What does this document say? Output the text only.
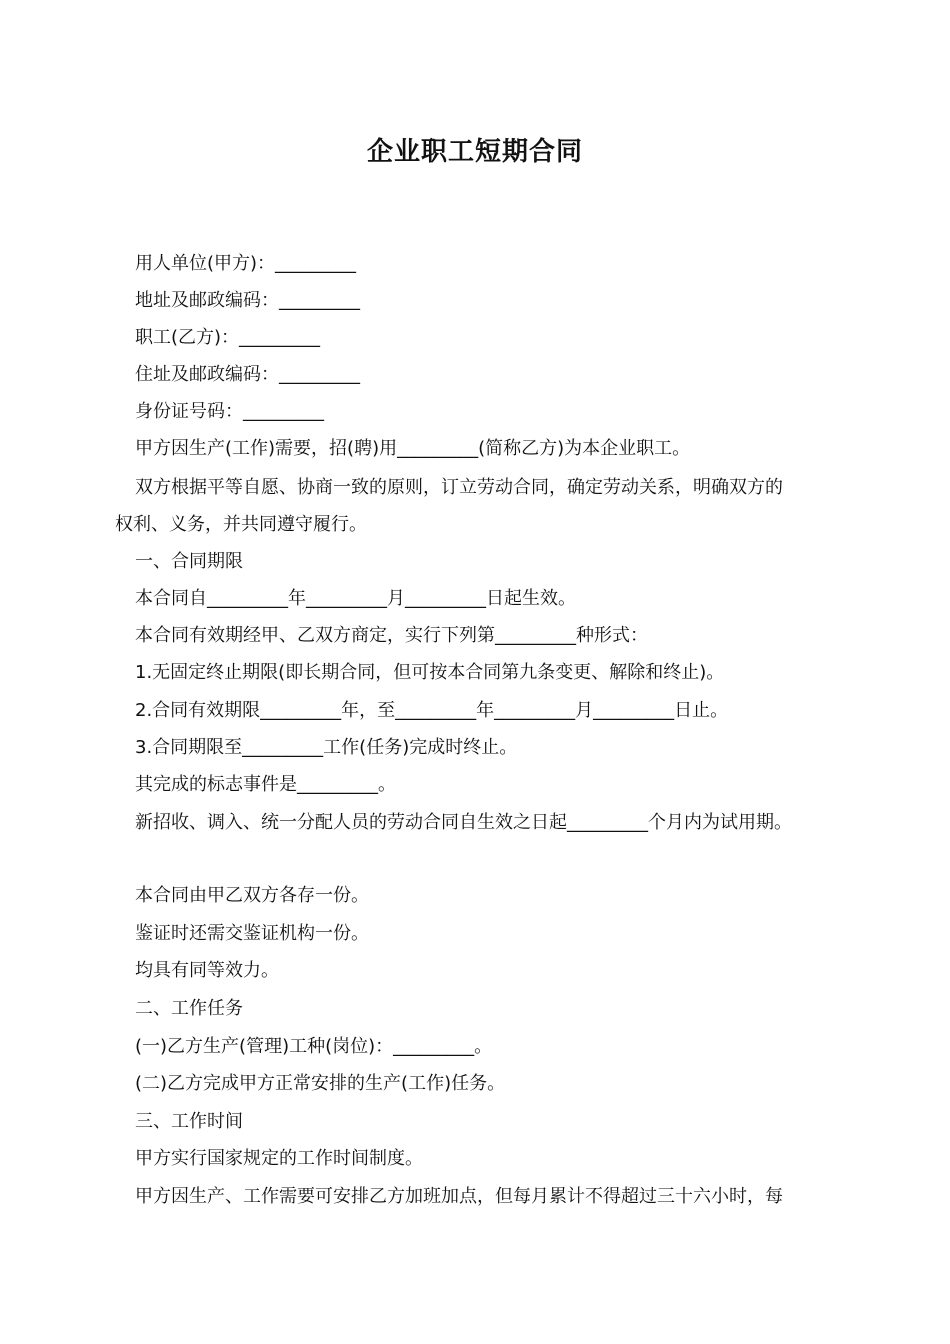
企业职工短期合同
用人单位(甲方)：_________
地址及邮政编码：_________
职工(乙方)：_________
住址及邮政编码：_________
身份证号码：_________
甲方因生产(工作)需要，招(聘)用_________(简称乙方)为本企业职工。
双方根据平等自愿、协商一致的原则，订立劳动合同，确定劳动关系，明确双方的
权利、义务，并共同遵守履行。
一、合同期限
本合同自_________年_________月_________日起生效。
本合同有效期经甲、乙双方商定，实行下列第_________种形式：
1.无固定终止期限(即长期合同，但可按本合同第九条变更、解除和终止)。
2.合同有效期限_________年，至_________年_________月_________日止。
3.合同期限至_________工作(任务)完成时终止。
其完成的标志事件是_________。
新招收、调入、统一分配人员的劳动合同自生效之日起_________个月内为试用期。
本合同由甲乙双方各存一份。
鉴证时还需交鉴证机构一份。
均具有同等效力。
二、工作任务
(一)乙方生产(管理)工种(岗位)：_________。
(二)乙方完成甲方正常安排的生产(工作)任务。
三、工作时间
甲方实行国家规定的工作时间制度。
甲方因生产、工作需要可安排乙方加班加点，但每月累计不得超过三十六小时，每
